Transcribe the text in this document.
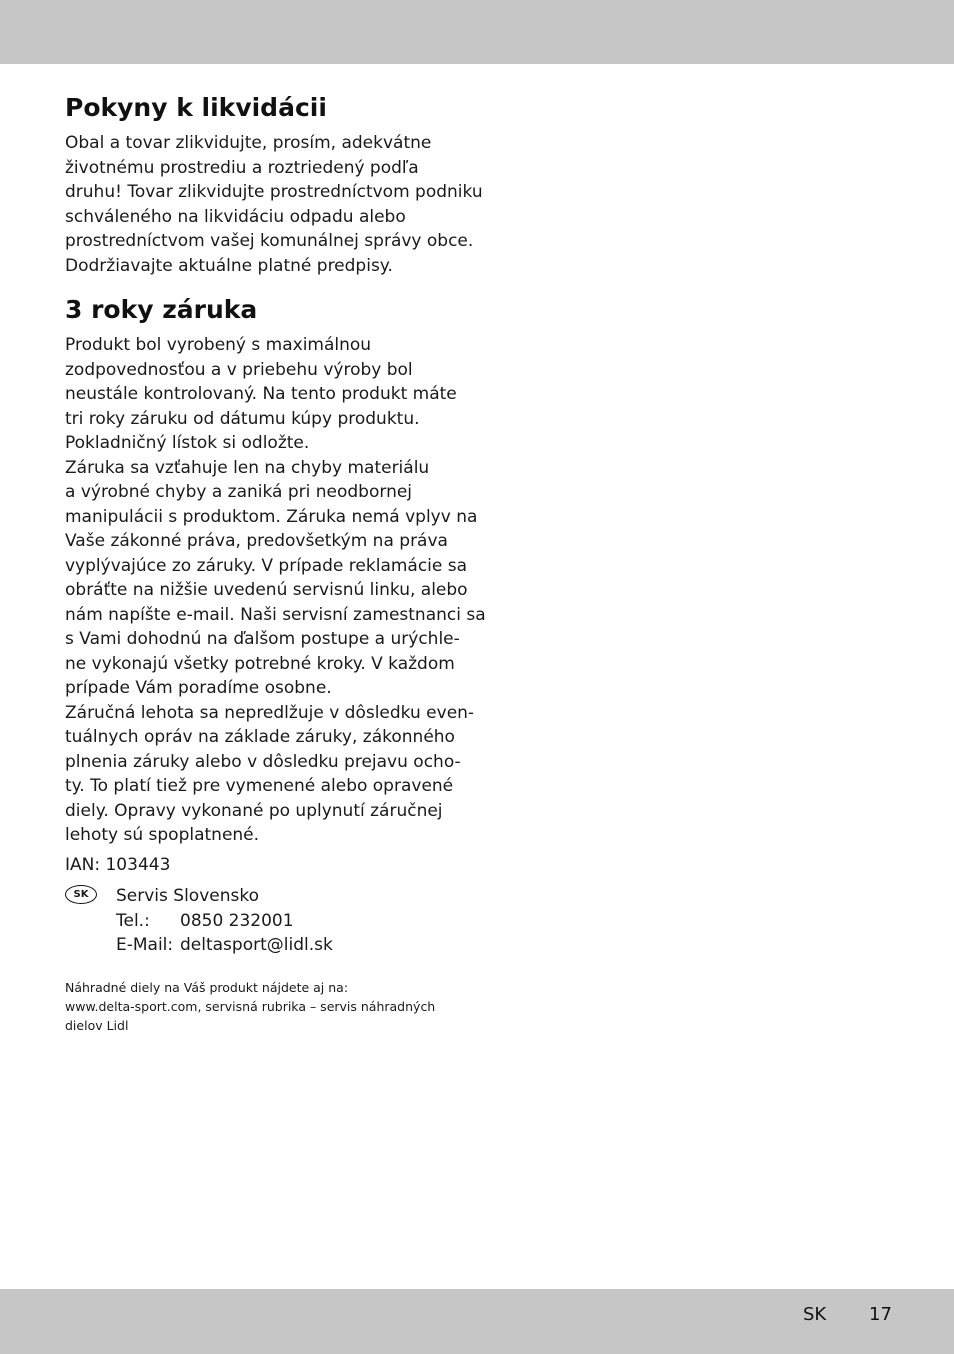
Pokyny k likvidácii

Obal a tovar zlikvidujte, prosím, adekvátne
životnému prostrediu a roztriedený podľa
druhu! Tovar zlikvidujte prostredníctvom podniku
schváleného na likvidáciu odpadu alebo
prostredníctvom vašej komunálnej správy obce.
Dodržiavajte aktuálne platné predpisy.

3 roky záruka

Produkt bol vyrobený s maximálnou
zodpovednosťou a v priebehu výroby bol
neustále kontrolovaný. Na tento produkt máte
tri roky záruku od dátumu kúpy produktu.
Pokladničný lístok si odložte.
Záruka sa vzťahuje len na chyby materiálu
a výrobné chyby a zaniká pri neodbornej
manipulácii s produktom. Záruka nemá vplyv na
Vaše zákonné práva, predovšetkým na práva
vyplývajúce zo záruky. V prípade reklamácie sa
obráťte na nižšie uvedenú servisnú linku, alebo
nám napíšte e-mail. Naši servisní zamestnanci sa
s Vami dohodnú na ďalšom postupe a urýchle-
ne vykonajú všetky potrebné kroky. V každom
prípade Vám poradíme osobne.
Záručná lehota sa nepredlžuje v dôsledku even-
tuálnych opráv na základe záruky, zákonného
plnenia záruky alebo v dôsledku prejavu ocho-
ty. To platí tiež pre vymenené alebo opravené
diely. Opravy vykonané po uplynutí záručnej
lehoty sú spoplatnené.

IAN: 103443
SK	Servis Slovensko
Tel.: 0850 232001
E-Mail: deltasport@lidl.sk
Náhradné diely na Váš produkt nájdete aj na:
www.delta-sport.com, servisná rubrika – servis náhradných
dielov Lidl
SK 17
